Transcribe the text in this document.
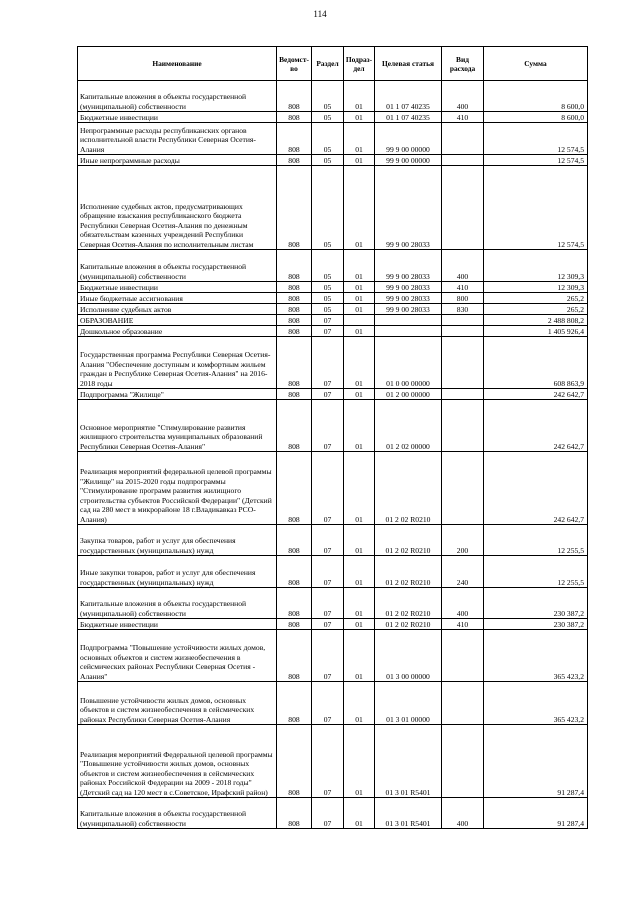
114
Наименование	Ведомст-во	Раздел	Подраз-дел	Целевая статья	Вид расхода	Сумма
Капитальные вложения в объекты государственной (муниципальной) собственности	808	05	01	01 1 07 40235	400	8 600,0
Бюджетные инвестиции	808	05	01	01 1 07 40235	410	8 600,0
Непрограммные расходы республиканских органов исполнительной власти Республики Северная Осетия-Алания	808	05	01	99 9 00 00000		12 574,5
Иные непрограммные расходы	808	05	01	99 9 00 00000		12 574,5
Исполнение судебных актов, предусматривающих обращение взыскания республиканского бюджета Республики Северная Осетия-Алания по денежным обязательствам казенных учреждений Республики Северная Осетия-Алания по исполнительным листам	808	05	01	99 9 00 28033		12 574,5
Капитальные вложения в объекты государственной (муниципальной) собственности	808	05	01	99 9 00 28033	400	12 309,3
Бюджетные инвестиции	808	05	01	99 9 00 28033	410	12 309,3
Иные бюджетные ассигнования	808	05	01	99 9 00 28033	800	265,2
Исполнение судебных актов	808	05	01	99 9 00 28033	830	265,2
ОБРАЗОВАНИЕ	808	07				2 488 808,2
Дошкольное образование	808	07	01			1 405 926,4
Государственная программа Республики Северная Осетия-Алания "Обеспечение доступным и комфортным жильем граждан в Республике Северная Осетия-Алания" на 2016-2018 годы	808	07	01	01 0 00 00000		608 863,9
Подпрограмма "Жилище"	808	07	01	01 2 00 00000		242 642,7
Основное мероприятие "Стимулирование развития жилищного строительства муниципальных образований Республики Северная Осетия-Алания"	808	07	01	01 2 02 00000		242 642,7
Реализация мероприятий федеральной целевой программы "Жилище" на 2015-2020 годы подпрограммы "Стимулирование программ развития жилищного строительства субъектов Российской Федерации" (Детский сад на 280 мест в микрорайоне 18 г.Владикавказ РСО-Алания)	808	07	01	01 2 02 R0210		242 642,7
Закупка товаров, работ и услуг для обеспечения государственных (муниципальных) нужд	808	07	01	01 2 02 R0210	200	12 255,5
Иные закупки товаров, работ и услуг для обеспечения государственных (муниципальных) нужд	808	07	01	01 2 02 R0210	240	12 255,5
Капитальные вложения в объекты государственной (муниципальной) собственности	808	07	01	01 2 02 R0210	400	230 387,2
Бюджетные инвестиции	808	07	01	01 2 02 R0210	410	230 387,2
Подпрограмма "Повышение устойчивости жилых домов, основных объектов и систем жизнеобеспечения в сейсмических районах Республики Северная Осетия - Алания"	808	07	01	01 3 00 00000		365 423,2
Повышение устойчивости жилых домов, основных объектов и систем жизнеобеспечения в сейсмических районах Республики Северная Осетия-Алания	808	07	01	01 3 01 00000		365 423,2
Реализация мероприятий Федеральной целевой программы "Повышение устойчивости жилых домов, основных объектов и систем жизнеобеспечения в сейсмических районах Российской Федерации на 2009 - 2018 годы" (Детский сад на 120 мест в с.Советское, Ирафский район)	808	07	01	01 3 01 R5401		91 287,4
Капитальные вложения в объекты государственной (муниципальной) собственности	808	07	01	01 3 01 R5401	400	91 287,4
